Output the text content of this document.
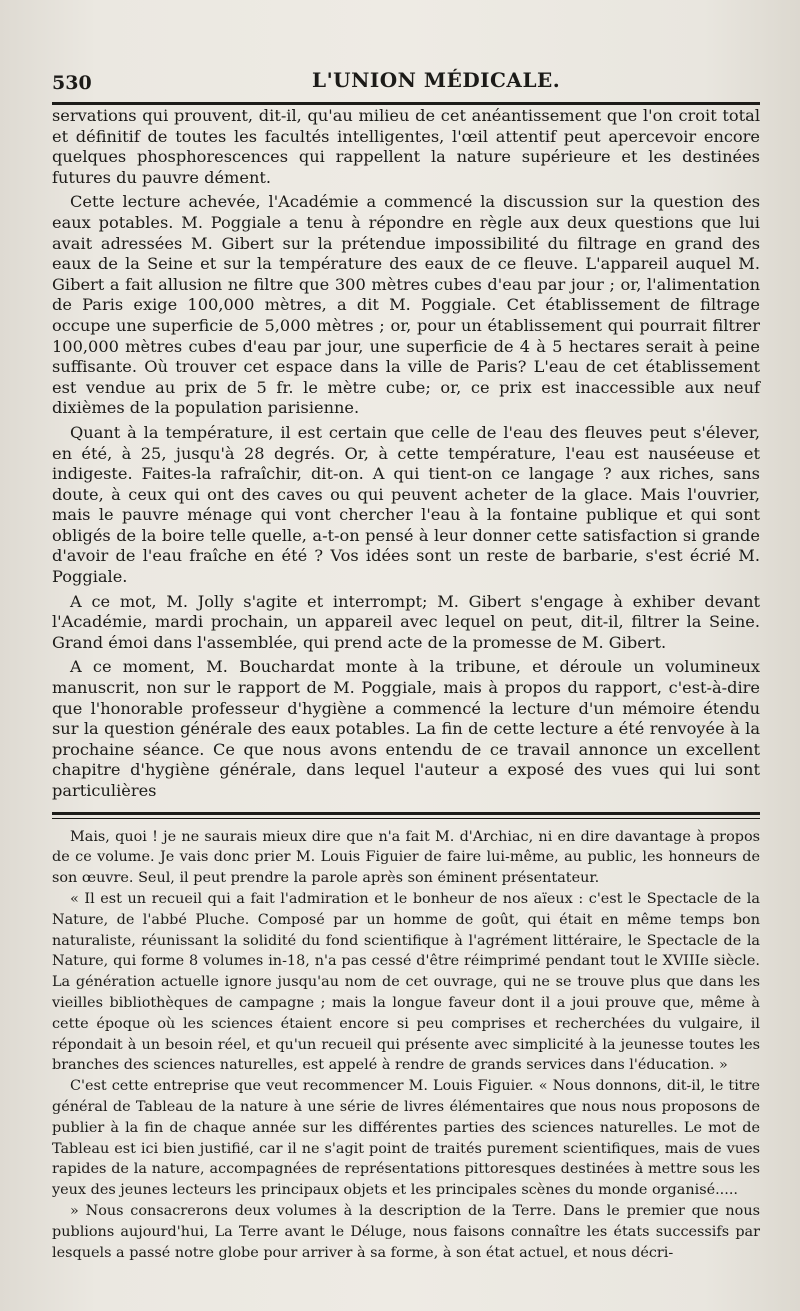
530	L'UNION MÉDICALE.

servations qui prouvent, dit-il, qu'au milieu de cet anéantissement que l'on croit total et définitif de toutes les facultés intelligentes, l'œil attentif peut apercevoir encore quelques phosphorescences qui rappellent la nature supérieure et les destinées futures du pauvre dément.

Cette lecture achevée, l'Académie a commencé la discussion sur la question des eaux potables. M. Poggiale a tenu à répondre en règle aux deux questions que lui avait adressées M. Gibert sur la prétendue impossibilité du filtrage en grand des eaux de la Seine et sur la température des eaux de ce fleuve. L'appareil auquel M. Gibert a fait allusion ne filtre que 300 mètres cubes d'eau par jour ; or, l'alimentation de Paris exige 100,000 mètres, a dit M. Poggiale. Cet établissement de filtrage occupe une superficie de 5,000 mètres ; or, pour un établissement qui pourrait filtrer 100,000 mètres cubes d'eau par jour, une superficie de 4 à 5 hectares serait à peine suffisante. Où trouver cet espace dans la ville de Paris? L'eau de cet établissement est vendue au prix de 5 fr. le mètre cube; or, ce prix est inaccessible aux neuf dixièmes de la population parisienne.

Quant à la température, il est certain que celle de l'eau des fleuves peut s'élever, en été, à 25, jusqu'à 28 degrés. Or, à cette température, l'eau est nauséeuse et indigeste. Faites-la rafraîchir, dit-on. A qui tient-on ce langage ? aux riches, sans doute, à ceux qui ont des caves ou qui peuvent acheter de la glace. Mais l'ouvrier, mais le pauvre ménage qui vont chercher l'eau à la fontaine publique et qui sont obligés de la boire telle quelle, a-t-on pensé à leur donner cette satisfaction si grande d'avoir de l'eau fraîche en été ? Vos idées sont un reste de barbarie, s'est écrié M. Poggiale.

A ce mot, M. Jolly s'agite et interrompt; M. Gibert s'engage à exhiber devant l'Académie, mardi prochain, un appareil avec lequel on peut, dit-il, filtrer la Seine. Grand émoi dans l'assemblée, qui prend acte de la promesse de M. Gibert.

A ce moment, M. Bouchardat monte à la tribune, et déroule un volumineux manuscrit, non sur le rapport de M. Poggiale, mais à propos du rapport, c'est-à-dire que l'honorable professeur d'hygiène a commencé la lecture d'un mémoire étendu sur la question générale des eaux potables. La fin de cette lecture a été renvoyée à la prochaine séance. Ce que nous avons entendu de ce travail annonce un excellent chapitre d'hygiène générale, dans lequel l'auteur a exposé des vues qui lui sont particulières

Mais, quoi ! je ne saurais mieux dire que n'a fait M. d'Archiac, ni en dire davantage à propos de ce volume. Je vais donc prier M. Louis Figuier de faire lui-même, au public, les honneurs de son œuvre. Seul, il peut prendre la parole après son éminent présentateur.

« Il est un recueil qui a fait l'admiration et le bonheur de nos aïeux : c'est le Spectacle de la Nature, de l'abbé Pluche. Composé par un homme de goût, qui était en même temps bon naturaliste, réunissant la solidité du fond scientifique à l'agrément littéraire, le Spectacle de la Nature, qui forme 8 volumes in-18, n'a pas cessé d'être réimprimé pendant tout le XVIIIe siècle. La génération actuelle ignore jusqu'au nom de cet ouvrage, qui ne se trouve plus que dans les vieilles bibliothèques de campagne ; mais la longue faveur dont il a joui prouve que, même à cette époque où les sciences étaient encore si peu comprises et recherchées du vulgaire, il répondait à un besoin réel, et qu'un recueil qui présente avec simplicité à la jeunesse toutes les branches des sciences naturelles, est appelé à rendre de grands services dans l'éducation. »

C'est cette entreprise que veut recommencer M. Louis Figuier. « Nous donnons, dit-il, le titre général de Tableau de la nature à une série de livres élémentaires que nous nous proposons de publier à la fin de chaque année sur les différentes parties des sciences naturelles. Le mot de Tableau est ici bien justifié, car il ne s'agit point de traités purement scientifiques, mais de vues rapides de la nature, accompagnées de représentations pittoresques destinées à mettre sous les yeux des jeunes lecteurs les principaux objets et les principales scènes du monde organisé.....

» Nous consacrerons deux volumes à la description de la Terre. Dans le premier que nous publions aujourd'hui, La Terre avant le Déluge, nous faisons connaître les états successifs par lesquels a passé notre globe pour arriver à sa forme, à son état actuel, et nous décri-
